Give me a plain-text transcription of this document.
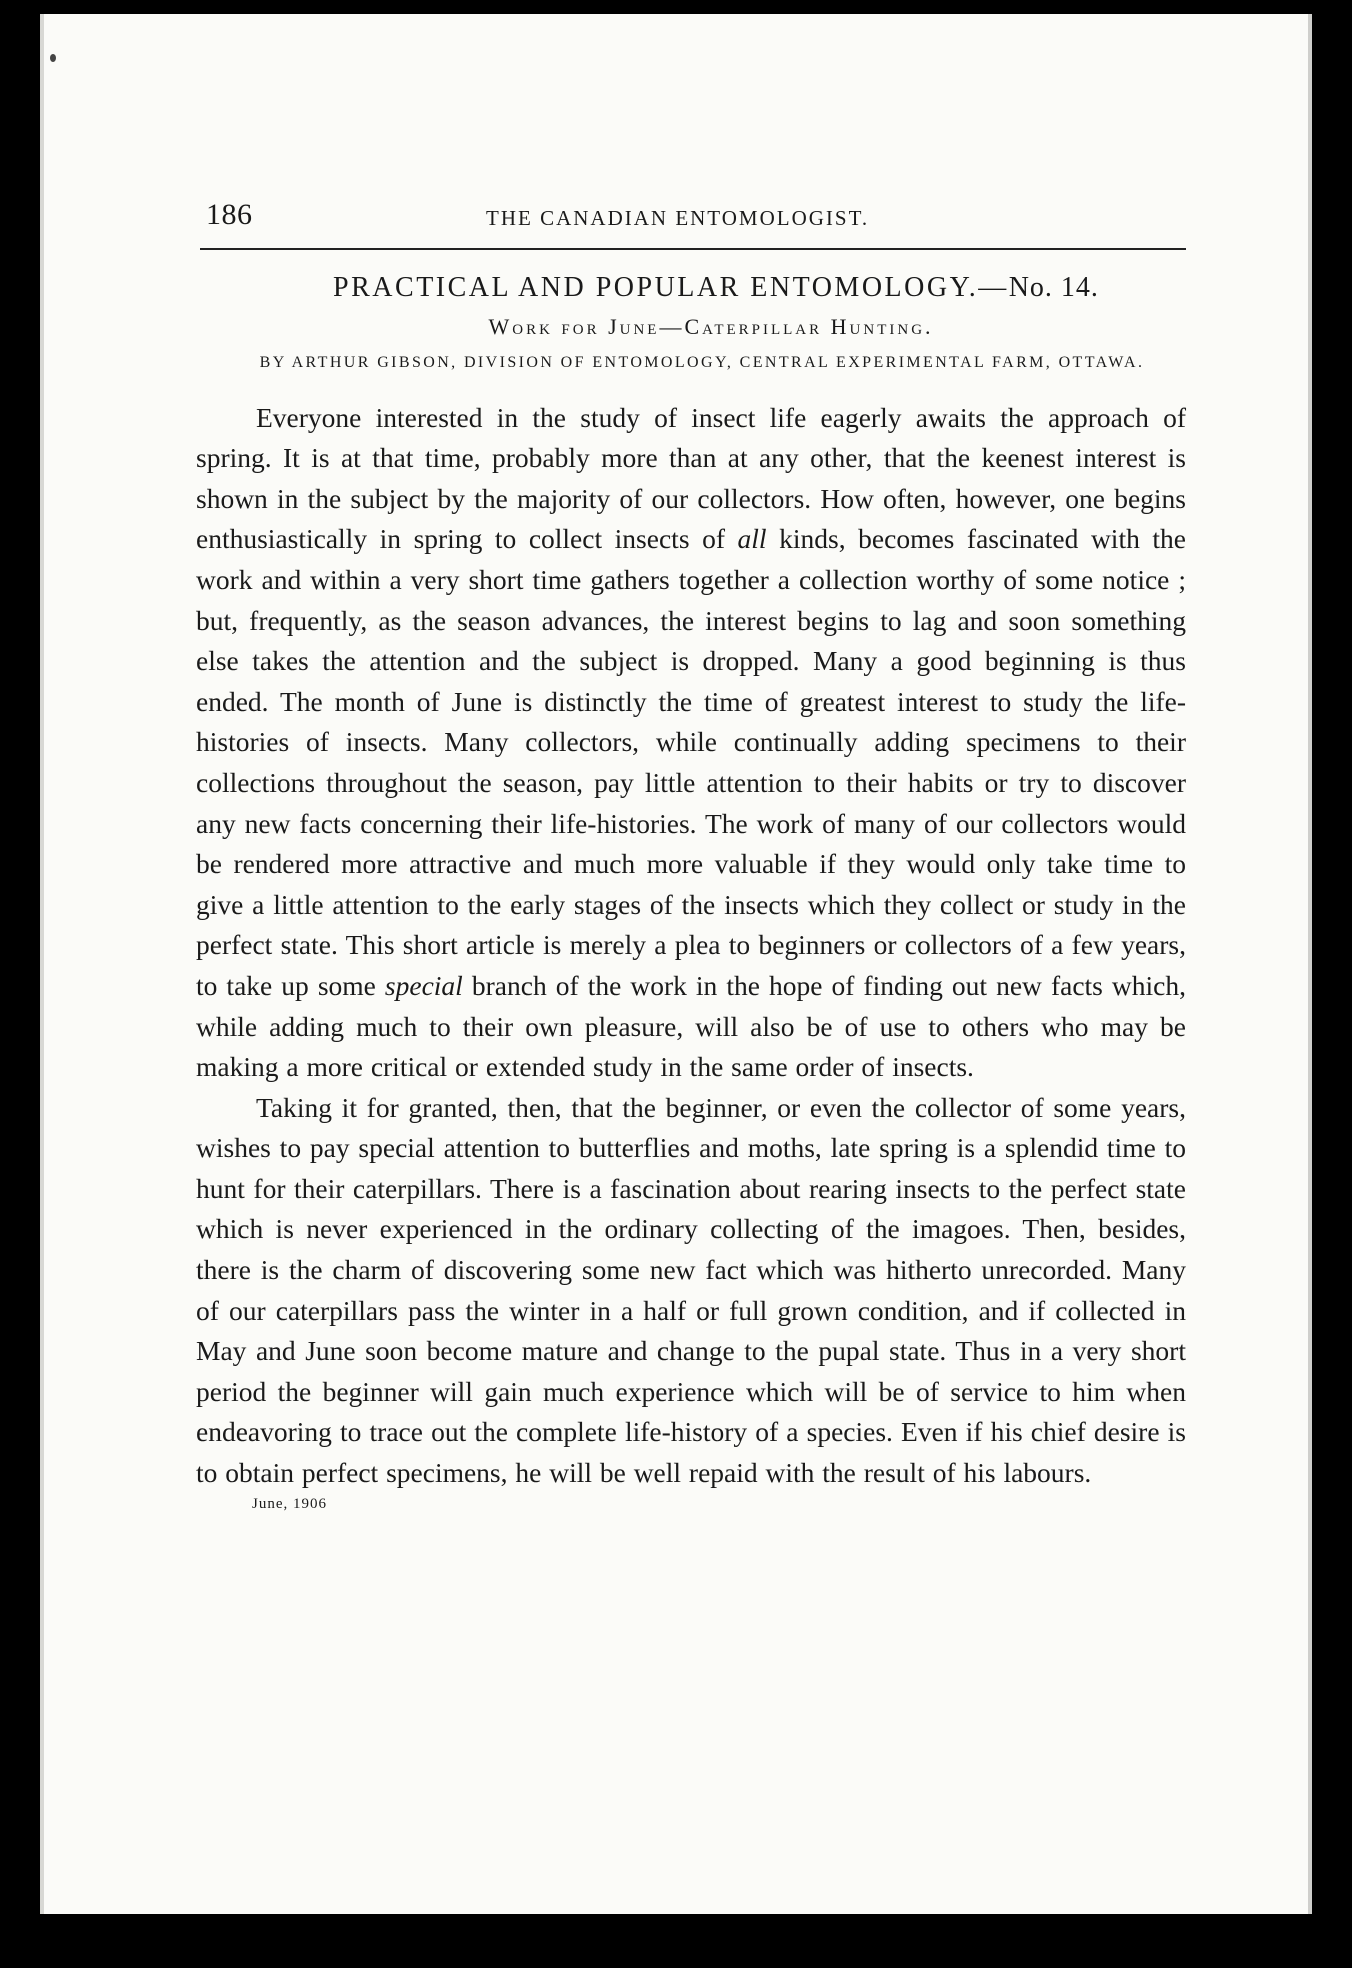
186	THE CANADIAN ENTOMOLOGIST.
PRACTICAL AND POPULAR ENTOMOLOGY.—No. 14.
Work for June—Caterpillar Hunting.
BY ARTHUR GIBSON, DIVISION OF ENTOMOLOGY, CENTRAL EXPERIMENTAL FARM, OTTAWA.

Everyone interested in the study of insect life eagerly awaits the approach of spring. It is at that time, probably more than at any other, that the keenest interest is shown in the subject by the majority of our collectors. How often, however, one begins enthusiastically in spring to collect insects of all kinds, becomes fascinated with the work and within a very short time gathers together a collection worthy of some notice ; but, frequently, as the season advances, the interest begins to lag and soon something else takes the attention and the subject is dropped. Many a good beginning is thus ended. The month of June is distinctly the time of greatest interest to study the life-histories of insects. Many collectors, while continually adding specimens to their collections throughout the season, pay little attention to their habits or try to discover any new facts concerning their life-histories. The work of many of our collectors would be rendered more attractive and much more valuable if they would only take time to give a little attention to the early stages of the insects which they collect or study in the perfect state. This short article is merely a plea to beginners or collectors of a few years, to take up some special branch of the work in the hope of finding out new facts which, while adding much to their own pleasure, will also be of use to others who may be making a more critical or extended study in the same order of insects.

Taking it for granted, then, that the beginner, or even the collector of some years, wishes to pay special attention to butterflies and moths, late spring is a splendid time to hunt for their caterpillars. There is a fascination about rearing insects to the perfect state which is never experienced in the ordinary collecting of the imagoes. Then, besides, there is the charm of discovering some new fact which was hitherto unrecorded. Many of our caterpillars pass the winter in a half or full grown condition, and if collected in May and June soon become mature and change to the pupal state. Thus in a very short period the beginner will gain much experience which will be of service to him when endeavoring to trace out the complete life-history of a species. Even if his chief desire is to obtain perfect specimens, he will be well repaid with the result of his labours.

June, 1906
